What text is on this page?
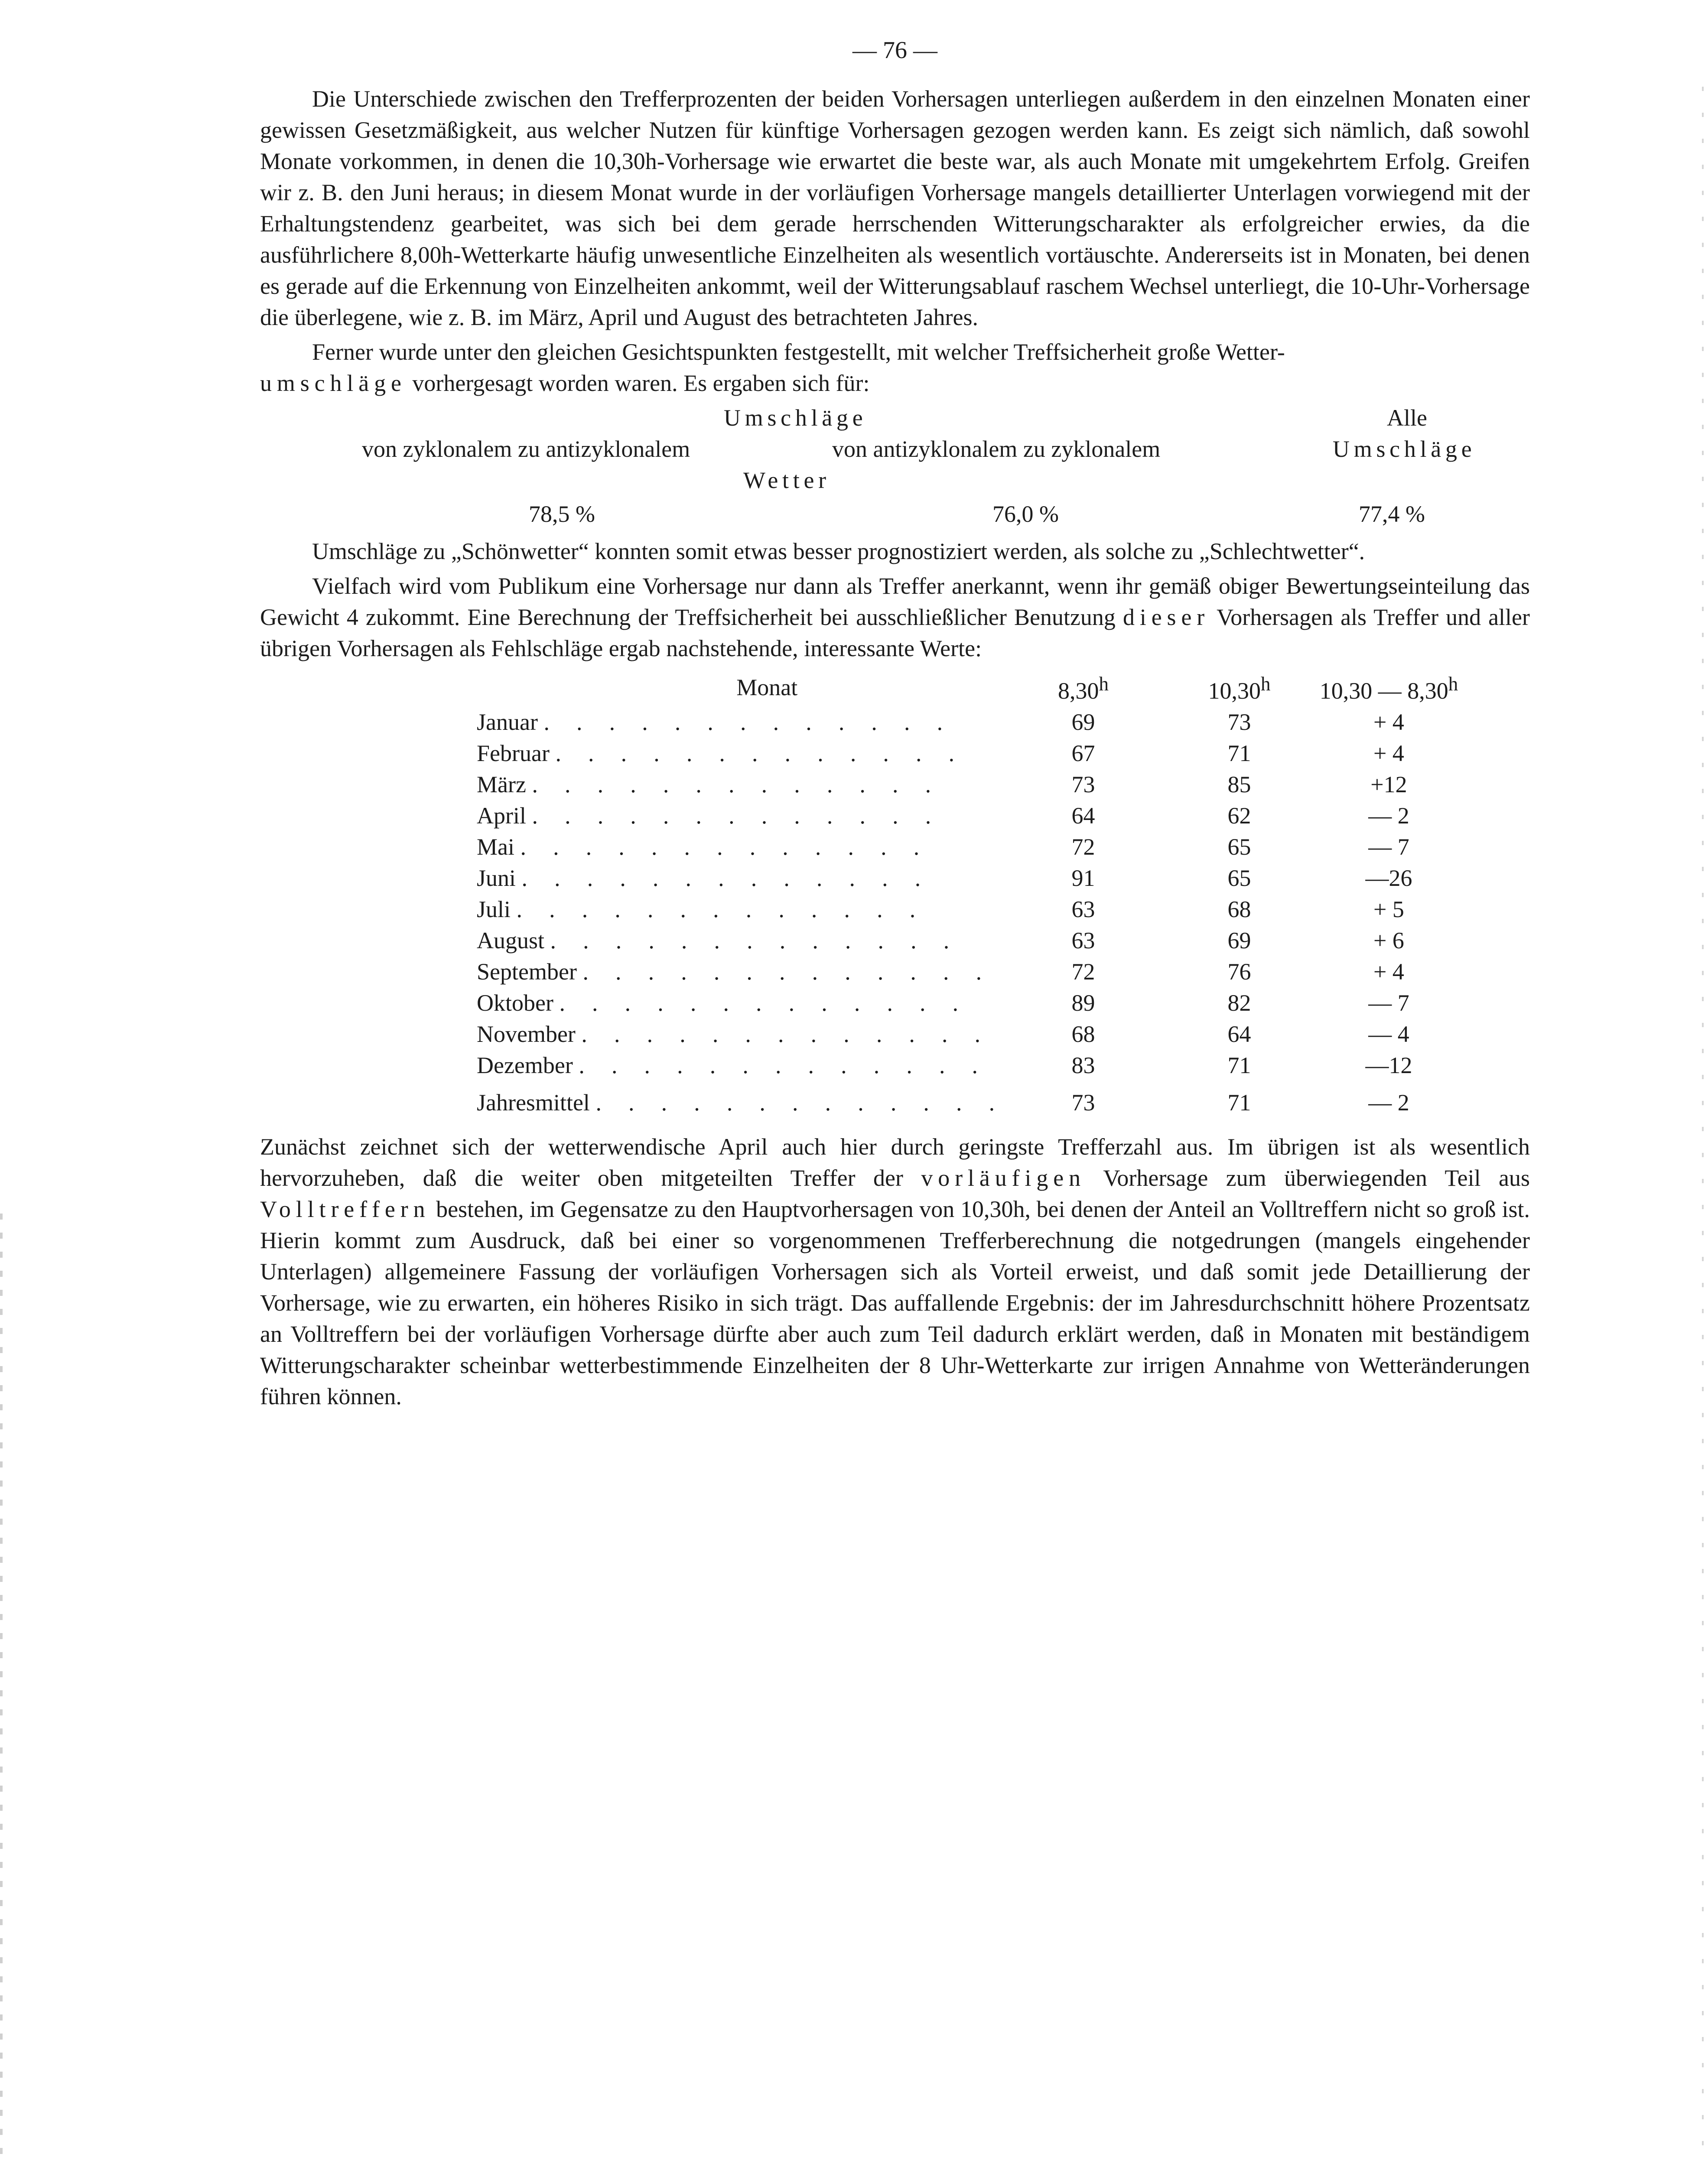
— 76 —

Die Unterschiede zwischen den Trefferprozenten der beiden Vorhersagen unterliegen außerdem in den einzelnen Monaten einer gewissen Gesetzmäßigkeit, aus welcher Nutzen für künftige Vorhersagen gezogen werden kann. Es zeigt sich nämlich, daß sowohl Monate vorkommen, in denen die 10,30h-Vorhersage wie erwartet die beste war, als auch Monate mit umgekehrtem Erfolg. Greifen wir z. B. den Juni heraus; in diesem Monat wurde in der vorläufigen Vorhersage mangels detaillierter Unterlagen vorwiegend mit der Erhaltungstendenz gearbeitet, was sich bei dem gerade herrschenden Witterungscharakter als erfolgreicher erwies, da die ausführlichere 8,00h-Wetterkarte häufig unwesentliche Einzelheiten als wesentlich vortäuschte. Andererseits ist in Monaten, bei denen es gerade auf die Erkennung von Einzelheiten ankommt, weil der Witterungsablauf raschem Wechsel unterliegt, die 10-Uhr-Vorhersage die überlegene, wie z. B. im März, April und August des betrachteten Jahres.

Ferner wurde unter den gleichen Gesichtspunkten festgestellt, mit welcher Treffsicherheit große Wetter-
umschläge vorhergesagt worden waren. Es ergaben sich für:

Umschläge	Alle
von zyklonalem zu antizyklonalem	von antizyklonalem zu zyklonalem	Umschläge
Wetter
78,5 %	76,0 %	77,4 %

Umschläge zu „Schönwetter“ konnten somit etwas besser prognostiziert werden, als solche zu „Schlechtwetter“.

Vielfach wird vom Publikum eine Vorhersage nur dann als Treffer anerkannt, wenn ihr gemäß obiger Bewertungseinteilung das Gewicht 4 zukommt. Eine Berechnung der Treffsicherheit bei ausschließlicher Benutzung dieser Vorhersagen als Treffer und aller übrigen Vorhersagen als Fehlschläge ergab nachstehende, interessante Werte:

Monat	8,30$^h$	10,30$^h$	10,30 — 8,30$^h$
Januar . . . . . . . . . . . . .	69	73	+ 4
Februar . . . . . . . . . . . . .	67	71	+ 4
März . . . . . . . . . . . . .	73	85	+12
April . . . . . . . . . . . . .	64	62	— 2
Mai . . . . . . . . . . . . .	72	65	— 7
Juni . . . . . . . . . . . . .	91	65	—26
Juli . . . . . . . . . . . . .	63	68	+ 5
August . . . . . . . . . . . . .	63	69	+ 6
September . . . . . . . . . . . . .	72	76	+ 4
Oktober . . . . . . . . . . . . .	89	82	— 7
November . . . . . . . . . . . . .	68	64	— 4
Dezember . . . . . . . . . . . . .	83	71	—12
Jahresmittel . . . . . . . . . . . . .	73	71	— 2

Zunächst zeichnet sich der wetterwendische April auch hier durch geringste Trefferzahl aus. Im übrigen ist als wesentlich hervorzuheben, daß die weiter oben mitgeteilten Treffer der vorläufigen Vorhersage zum überwiegenden Teil aus Volltreffern bestehen, im Gegensatze zu den Hauptvorhersagen von 10,30h, bei denen der Anteil an Volltreffern nicht so groß ist. Hierin kommt zum Ausdruck, daß bei einer so vorgenommenen Trefferberechnung die notgedrungen (mangels eingehender Unterlagen) allgemeinere Fassung der vorläufigen Vorhersagen sich als Vorteil erweist, und daß somit jede Detaillierung der Vorhersage, wie zu erwarten, ein höheres Risiko in sich trägt. Das auffallende Ergebnis: der im Jahresdurchschnitt höhere Prozentsatz an Volltreffern bei der vorläufigen Vorhersage dürfte aber auch zum Teil dadurch erklärt werden, daß in Monaten mit beständigem Witterungscharakter scheinbar wetterbestimmende Einzelheiten der 8 Uhr-Wetterkarte zur irrigen Annahme von Wetteränderungen führen können.
